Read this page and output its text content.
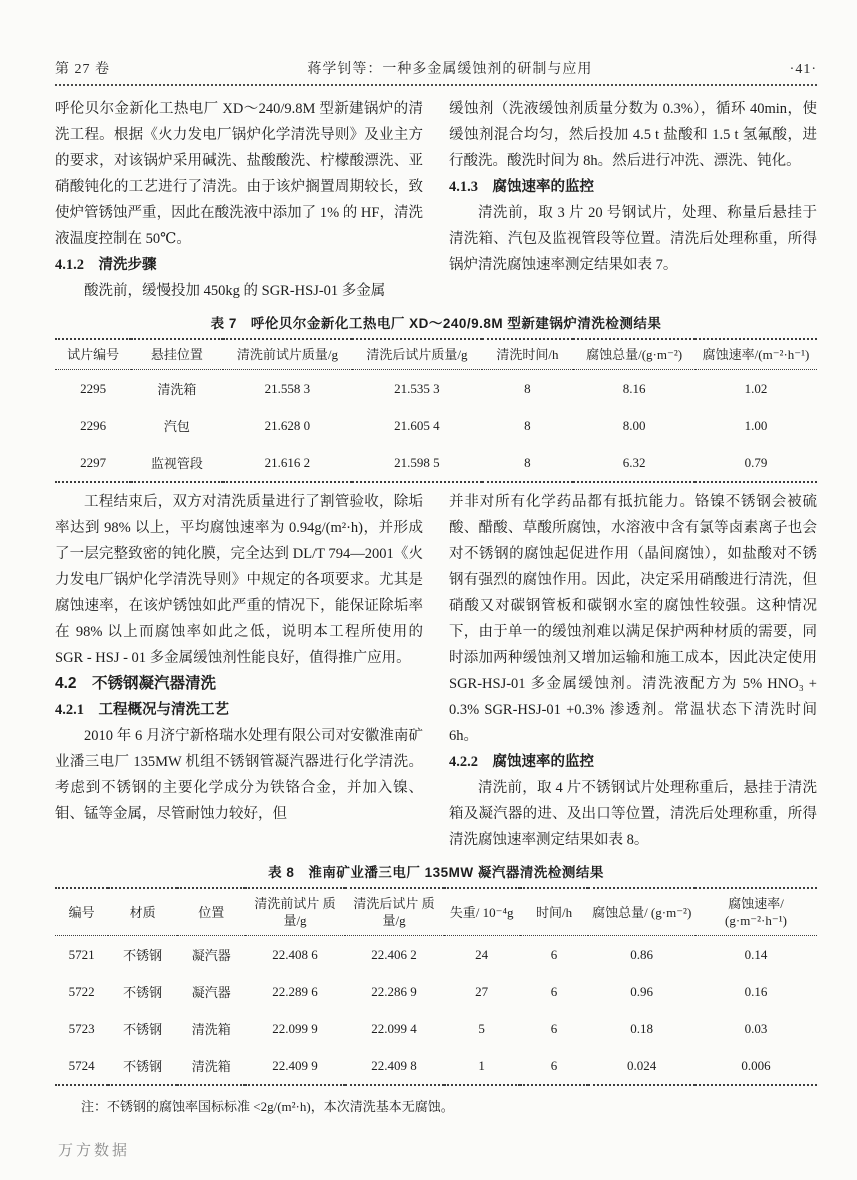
第 27 卷	蒋学钊等：一种多金属缓蚀剂的研制与应用	·41·

呼伦贝尔金新化工热电厂 XD～240/9.8M 型新建锅炉的清洗工程。根据《火力发电厂锅炉化学清洗导则》及业主方的要求，对该锅炉采用碱洗、盐酸酸洗、柠檬酸漂洗、亚硝酸钝化的工艺进行了清洗。由于该炉搁置周期较长，致使炉管锈蚀严重，因此在酸洗液中添加了 1% 的 HF，清洗液温度控制在 50℃。

4.1.2　清洗步骤

酸洗前，缓慢投加 450kg 的 SGR-HSJ-01 多金属

缓蚀剂（洗液缓蚀剂质量分数为 0.3%），循环 40min，使缓蚀剂混合均匀，然后投加 4.5 t 盐酸和 1.5 t 氢氟酸，进行酸洗。酸洗时间为 8h。然后进行冲洗、漂洗、钝化。

4.1.3　腐蚀速率的监控

清洗前，取 3 片 20 号钢试片，处理、称量后悬挂于清洗箱、汽包及监视管段等位置。清洗后处理称重，所得锅炉清洗腐蚀速率测定结果如表 7。

表 7　呼伦贝尔金新化工热电厂 XD～240/9.8M 型新建锅炉清洗检测结果
试片编号	悬挂位置	清洗前试片质量/g	清洗后试片质量/g	清洗时间/h	腐蚀总量/(g·m⁻²)	腐蚀速率/(m⁻²·h⁻¹)
2295	清洗箱	21.558 3	21.535 3	8	8.16	1.02
2296	汽包	21.628 0	21.605 4	8	8.00	1.00
2297	监视管段	21.616 2	21.598 5	8	6.32	0.79

工程结束后，双方对清洗质量进行了割管验收，除垢率达到 98% 以上，平均腐蚀速率为 0.94g/(m²·h)，并形成了一层完整致密的钝化膜，完全达到 DL/T 794—2001《火力发电厂锅炉化学清洗导则》中规定的各项要求。尤其是腐蚀速率，在该炉锈蚀如此严重的情况下，能保证除垢率在 98% 以上而腐蚀率如此之低，说明本工程所使用的 SGR - HSJ - 01 多金属缓蚀剂性能良好，值得推广应用。

4.2　不锈钢凝汽器清洗

4.2.1　工程概况与清洗工艺

2010 年 6 月济宁新格瑞水处理有限公司对安徽淮南矿业潘三电厂 135MW 机组不锈钢管凝汽器进行化学清洗。考虑到不锈钢的主要化学成分为铁铬合金，并加入镍、钼、锰等金属，尽管耐蚀力较好，但

并非对所有化学药品都有抵抗能力。铬镍不锈钢会被硫酸、醋酸、草酸所腐蚀，水溶液中含有氯等卤素离子也会对不锈钢的腐蚀起促进作用（晶间腐蚀），如盐酸对不锈钢有强烈的腐蚀作用。因此，决定采用硝酸进行清洗，但硝酸又对碳钢管板和碳钢水室的腐蚀性较强。这种情况下，由于单一的缓蚀剂难以满足保护两种材质的需要，同时添加两种缓蚀剂又增加运输和施工成本，因此决定使用 SGR-HSJ-01 多金属缓蚀剂。清洗液配方为 5% HNO₃ + 0.3% SGR-HSJ-01 +0.3% 渗透剂。常温状态下清洗时间 6h。

4.2.2　腐蚀速率的监控

清洗前，取 4 片不锈钢试片处理称重后，悬挂于清洗箱及凝汽器的进、及出口等位置，清洗后处理称重，所得清洗腐蚀速率测定结果如表 8。

表 8　淮南矿业潘三电厂 135MW 凝汽器清洗检测结果
编号	材质	位置	清洗前试片 质量/g	清洗后试片 质量/g	失重/ 10⁻⁴g	时间/h	腐蚀总量/ (g·m⁻²)	腐蚀速率/ (g·m⁻²·h⁻¹)
5721	不锈钢	凝汽器	22.408 6	22.406 2	24	6	0.86	0.14
5722	不锈钢	凝汽器	22.289 6	22.286 9	27	6	0.96	0.16
5723	不锈钢	清洗箱	22.099 9	22.099 4	5	6	0.18	0.03
5724	不锈钢	清洗箱	22.409 9	22.409 8	1	6	0.024	0.006

注：不锈钢的腐蚀率国标标准 <2g/(m²·h)，本次清洗基本无腐蚀。

万方数据
